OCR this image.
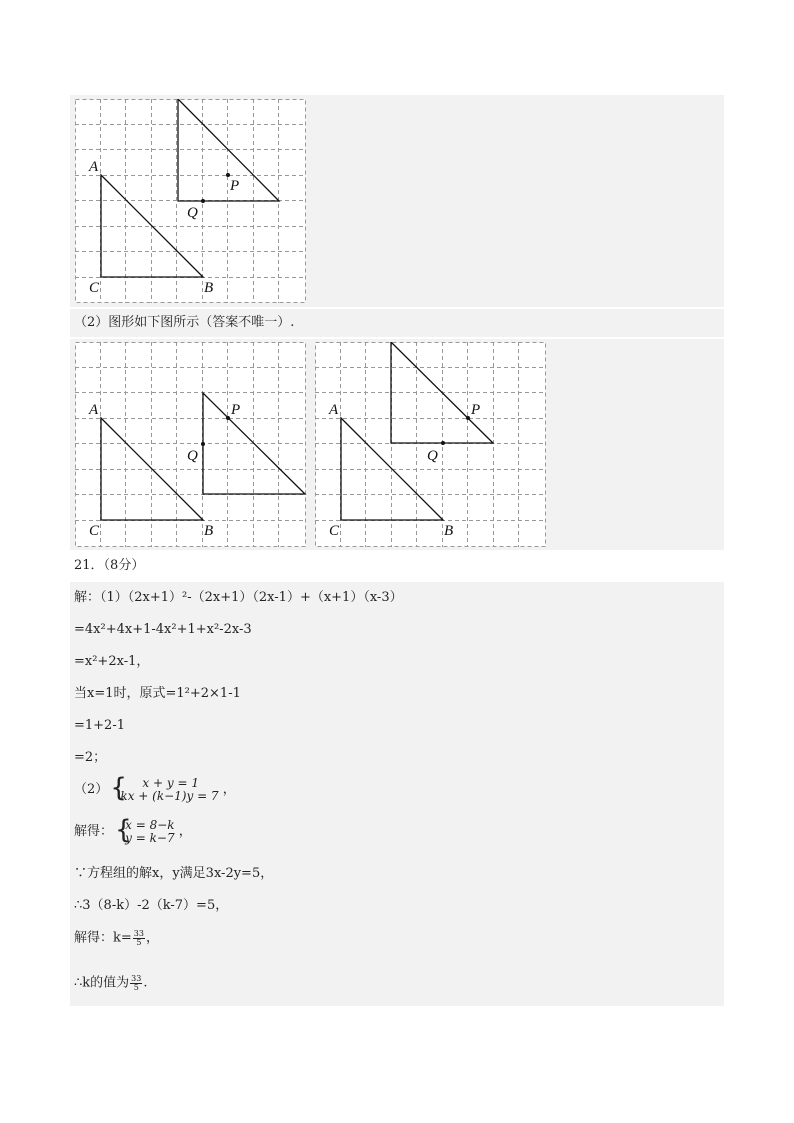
A
C	B
P
Q
（2）图形如下图所示（答案不唯一）.
A
C	B
P
Q
A
C	B
P
Q
21．（8分）
解：（1）（2x+1）²-（2x+1）（2x-1）+（x+1）（x-3）
=4x²+4x+1-4x²+1+x²-2x-3
=x²+2x-1，
当x=1时，原式=1²+2×1-1
=1+2-1
=2；
（2）	{ x + y = 1
kx + (k−1)y = 7 ，
解得： { x = 8−k
y = k−7 ，
∵方程组的解x，y满足3x-2y=5，
∴3（8-k）-2（k-7）=5，
解得：$k= \frac{33}{5}$ ，
∴k的值为 $\frac{33}{5}$ .
